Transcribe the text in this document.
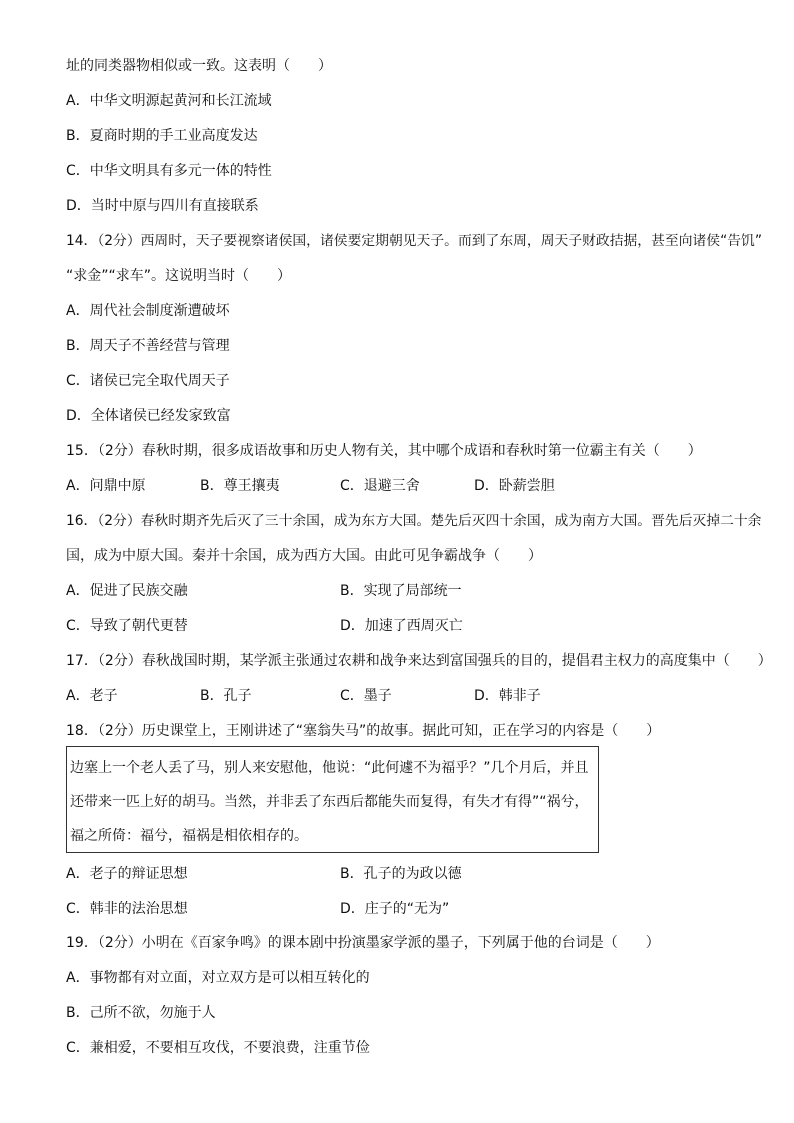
址的同类器物相似或一致。这表明（　　）
A．中华文明源起黄河和长江流域
B．夏商时期的手工业高度发达
C．中华文明具有多元一体的特性
D．当时中原与四川有直接联系
14．（2分）西周时，天子要视察诸侯国，诸侯要定期朝见天子。而到了东周，周天子财政拮据，甚至向诸侯“告饥”
“求金”“求车”。这说明当时（　　）
A．周代社会制度渐遭破坏
B．周天子不善经营与管理
C．诸侯已完全取代周天子
D．全体诸侯已经发家致富
15．（2分）春秋时期，很多成语故事和历史人物有关，其中哪个成语和春秋时第一位霸主有关（　　）
A．问鼎中原	B．尊王攘夷	C．退避三舍	D．卧薪尝胆
16．（2分）春秋时期齐先后灭了三十余国，成为东方大国。楚先后灭四十余国，成为南方大国。晋先后灭掉二十余
国，成为中原大国。秦并十余国，成为西方大国。由此可见争霸战争（　　）
A．促进了民族交融	B．实现了局部统一
C．导致了朝代更替	D．加速了西周灭亡
17．（2分）春秋战国时期，某学派主张通过农耕和战争来达到富国强兵的目的，提倡君主权力的高度集中（　　）
A．老子	B．孔子	C．墨子	D．韩非子
18．（2分）历史课堂上，王刚讲述了“塞翁失马”的故事。据此可知，正在学习的内容是（　　）
边塞上一个老人丢了马，别人来安慰他，他说：“此何遽不为福乎？”几个月后，并且
还带来一匹上好的胡马。当然，并非丢了东西后都能失而复得，有失才有得”“祸兮，
福之所倚：福兮，福祸是相依相存的。
A．老子的辩证思想	B．孔子的为政以德
C．韩非的法治思想	D．庄子的“无为”
19．（2分）小明在《百家争鸣》的课本剧中扮演墨家学派的墨子，下列属于他的台词是（　　）
A．事物都有对立面，对立双方是可以相互转化的
B．己所不欲，勿施于人
C．兼相爱，不要相互攻伐，不要浪费，注重节俭
